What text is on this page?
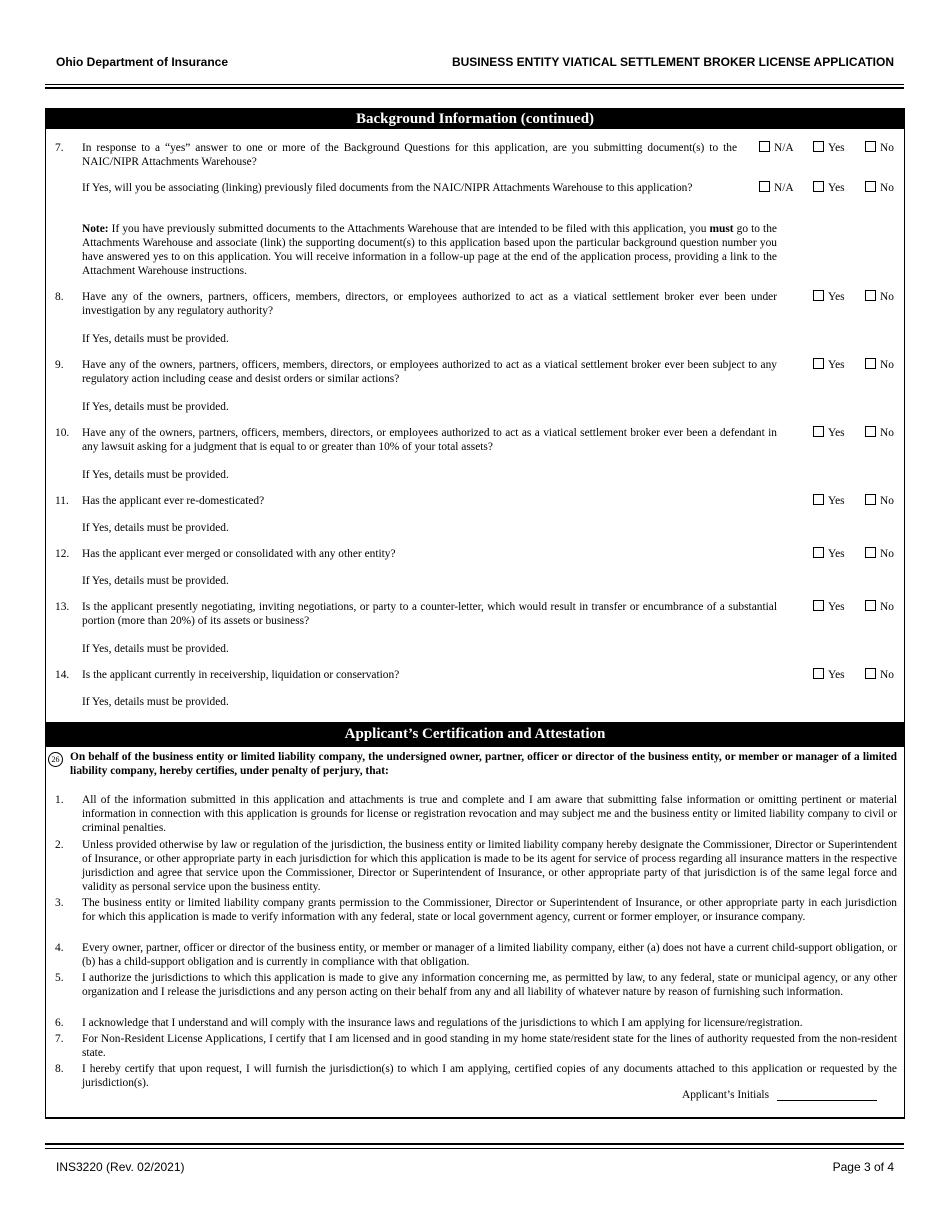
Ohio Department of Insurance	BUSINESS ENTITY VIATICAL SETTLEMENT BROKER LICENSE APPLICATION
Background Information (continued)
7. In response to a “yes” answer to one or more of the Background Questions for this application, are you submitting document(s) to the NAIC/NIPR Attachments Warehouse?
N/A	Yes	No
If Yes, will you be associating (linking) previously filed documents from the NAIC/NIPR Attachments Warehouse to this application?	N/A	Yes	No
Note: If you have previously submitted documents to the Attachments Warehouse that are intended to be filed with this application, you must go to the Attachments Warehouse and associate (link) the supporting document(s) to this application based upon the particular background question number you have answered yes to on this application. You will receive information in a follow-up page at the end of the application process, providing a link to the Attachment Warehouse instructions.
8. Have any of the owners, partners, officers, members, directors, or employees authorized to act as a viatical settlement broker ever been under investigation by any regulatory authority?
Yes	No
If Yes, details must be provided.
9. Have any of the owners, partners, officers, members, directors, or employees authorized to act as a viatical settlement broker ever been subject to any regulatory action including cease and desist orders or similar actions?
Yes	No
If Yes, details must be provided.
10. Have any of the owners, partners, officers, members, directors, or employees authorized to act as a viatical settlement broker ever been a defendant in any lawsuit asking for a judgment that is equal to or greater than 10% of your total assets?
Yes	No
If Yes, details must be provided.
11. Has the applicant ever re-domesticated?	Yes	No
If Yes, details must be provided.
12. Has the applicant ever merged or consolidated with any other entity?	Yes	No
If Yes, details must be provided.
13. Is the applicant presently negotiating, inviting negotiations, or party to a counter-letter, which would result in transfer or encumbrance of a substantial portion (more than 20%) of its assets or business?
Yes	No
If Yes, details must be provided.
14. Is the applicant currently in receivership, liquidation or conservation?	Yes	No
If Yes, details must be provided.
Applicant’s Certification and Attestation
26 On behalf of the business entity or limited liability company, the undersigned owner, partner, officer or director of the business entity, or member or manager of a limited liability company, hereby certifies, under penalty of perjury, that:
1. All of the information submitted in this application and attachments is true and complete and I am aware that submitting false information or omitting pertinent or material information in connection with this application is grounds for license or registration revocation and may subject me and the business entity or limited liability company to civil or criminal penalties.
2. Unless provided otherwise by law or regulation of the jurisdiction, the business entity or limited liability company hereby designate the Commissioner, Director or Superintendent of Insurance, or other appropriate party in each jurisdiction for which this application is made to be its agent for service of process regarding all insurance matters in the respective jurisdiction and agree that service upon the Commissioner, Director or Superintendent of Insurance, or other appropriate party of that jurisdiction is of the same legal force and validity as personal service upon the business entity.
3. The business entity or limited liability company grants permission to the Commissioner, Director or Superintendent of Insurance, or other appropriate party in each jurisdiction for which this application is made to verify information with any federal, state or local government agency, current or former employer, or insurance company.
4. Every owner, partner, officer or director of the business entity, or member or manager of a limited liability company, either (a) does not have a current child-support obligation, or (b) has a child-support obligation and is currently in compliance with that obligation.
5. I authorize the jurisdictions to which this application is made to give any information concerning me, as permitted by law, to any federal, state or municipal agency, or any other organization and I release the jurisdictions and any person acting on their behalf from any and all liability of whatever nature by reason of furnishing such information.
6. I acknowledge that I understand and will comply with the insurance laws and regulations of the jurisdictions to which I am applying for licensure/registration.
7. For Non-Resident License Applications, I certify that I am licensed and in good standing in my home state/resident state for the lines of authority requested from the non-resident state.
8. I hereby certify that upon request, I will furnish the jurisdiction(s) to which I am applying, certified copies of any documents attached to this application or requested by the jurisdiction(s).
Applicant’s Initials
INS3220 (Rev. 02/2021)	Page 3 of 4
